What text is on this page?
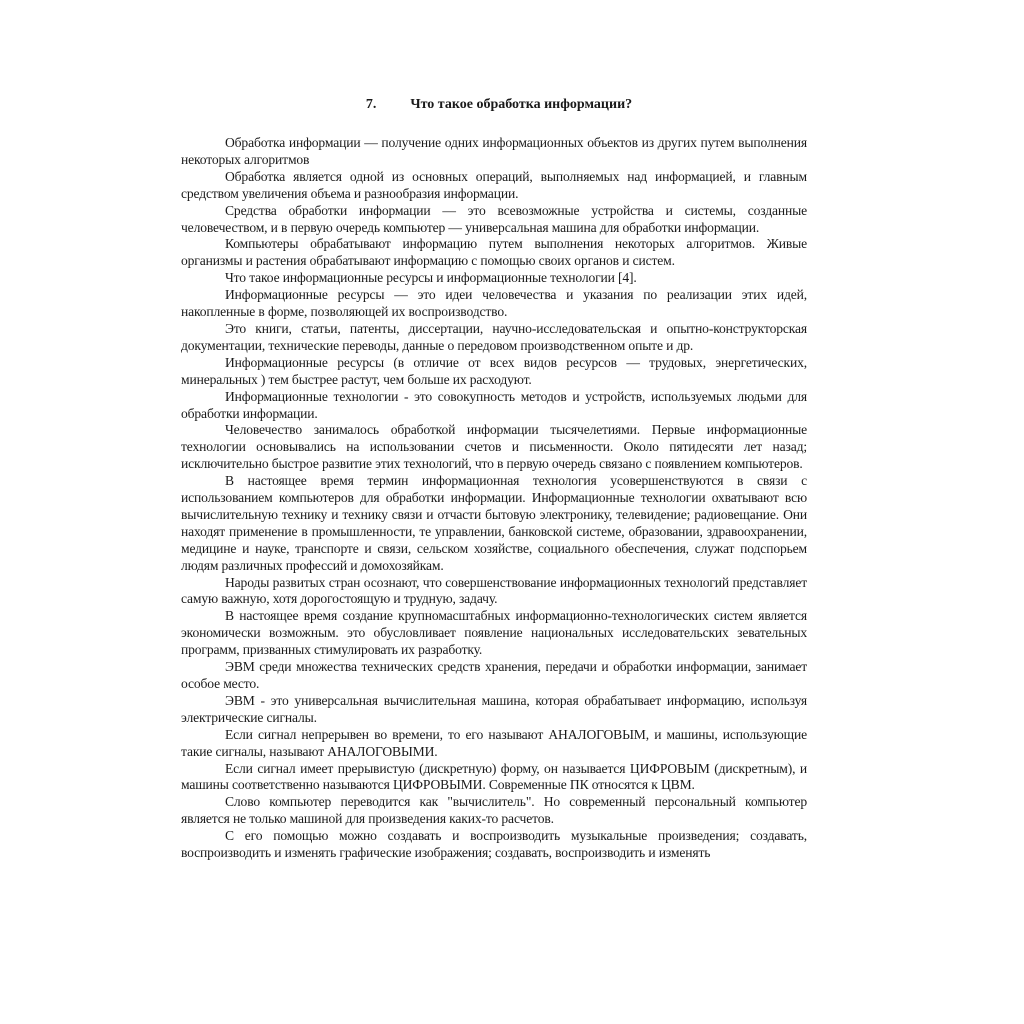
7. Что такое обработка информации?

Обработка информации — получение одних информационных объектов из других путем выполнения некоторых алгоритмов

Обработка является одной из основных операций, выполняемых над информацией, и главным средством увеличения объема и разнообразия информации.

Средства обработки информации — это всевозможные устройства и системы, созданные человечеством, и в первую очередь компьютер — универсальная машина для обработки информации.

Компьютеры обрабатывают информацию путем выполнения некоторых алгоритмов. Живые организмы и растения обрабатывают информацию с помощью своих органов и систем.

Что такое информационные ресурсы и информационные технологии [4].

Информационные ресурсы — это идеи человечества и указания по реализации этих идей, накопленные в форме, позволяющей их воспроизводство.

Это книги, статьи, патенты, диссертации, научно-исследовательская и опытно-конструкторская документации, технические переводы, данные о передовом производственном опыте и др.

Информационные ресурсы (в отличие от всех видов ресурсов — трудовых, энергетических, минеральных ) тем быстрее растут, чем больше их расходуют.

Информационные технологии - это совокупность методов и устройств, используемых людьми для обработки информации.

Человечество занималось обработкой информации тысячелетиями. Первые информационные технологии основывались на использовании счетов и письменности. Около пятидесяти лет назад; исключительно быстрое развитие этих технологий, что в первую очередь связано с появлением компьютеров.

В настоящее время термин информационная технология усовершенствуются в связи с использованием компьютеров для обработки информации. Информационные технологии охватывают всю вычислительную технику и технику связи и отчасти бытовую электронику, телевидение; радиовещание. Они находят применение в промышленности, те управлении, банковской системе, образовании, здравоохранении, медицине и науке, транспорте и связи, сельском хозяйстве, социального обеспечения, служат подспорьем людям различных профессий и домохозяйкам.

Народы развитых стран осознают, что совершенствование информационных технологий представляет самую важную, хотя дорогостоящую и трудную, задачу.

В настоящее время создание крупномасштабных информационно-технологических систем является экономически возможным. это обусловливает появление национальных исследовательских зевательных программ, призванных стимулировать их разработку.

ЭВМ среди множества технических средств хранения, передачи и обработки информации, занимает особое место.

ЭВМ - это универсальная вычислительная машина, которая обрабатывает информацию, используя электрические сигналы.

Если сигнал непрерывен во времени, то его называют АНАЛОГОВЫМ, и машины, использующие такие сигналы, называют АНАЛОГОВЫМИ.

Если сигнал имеет прерывистую (дискретную) форму, он называется ЦИФРОВЫМ (дискретным), и машины соответственно называются ЦИФРОВЫМИ. Современные ПК относятся к ЦВМ.

Слово компьютер переводится как "вычислитель". Но современный персональный компьютер является не только машиной для произведения каких-то расчетов.

С его помощью можно создавать и воспроизводить музыкальные произведения; создавать, воспроизводить и изменять графические изображения; создавать, воспроизводить и изменять
